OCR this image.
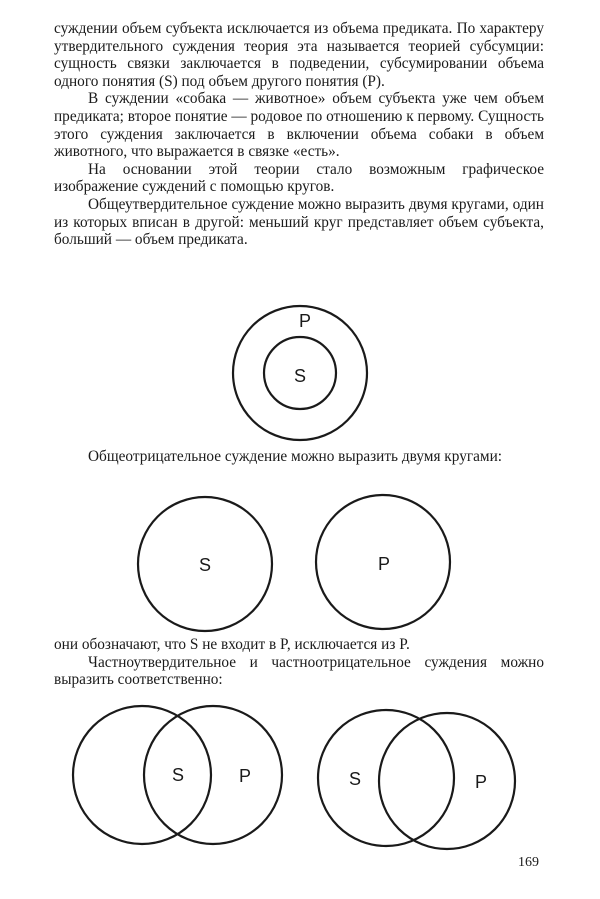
суждении объем субъекта исключается из объема предиката. По характеру утвердительного суждения теория эта называется теорией субсумции: сущность связки заключается в подведении, субсумировании объема одного понятия (S) под объем другого понятия (P).

В суждении «собака — животное» объем субъекта уже чем объем предиката; второе понятие — родовое по отношению к первому. Сущность этого суждения заключается в включении объема собаки в объем животного, что выражается в связке «есть».

На основании этой теории стало возможным графическое изображение суждений с помощью кругов.

Общеутвердительное суждение можно выразить двумя кругами, один из которых вписан в другой: меньший круг представляет объем субъекта, больший — объем предиката.

Общеотрицательное суждение можно выразить двумя кругами:

они обозначают, что S не входит в P, исключается из P.

Частноутвердительное и частноотрицательное суждения можно выразить соответственно:

P
S
S	P
S	P	S	P
169
